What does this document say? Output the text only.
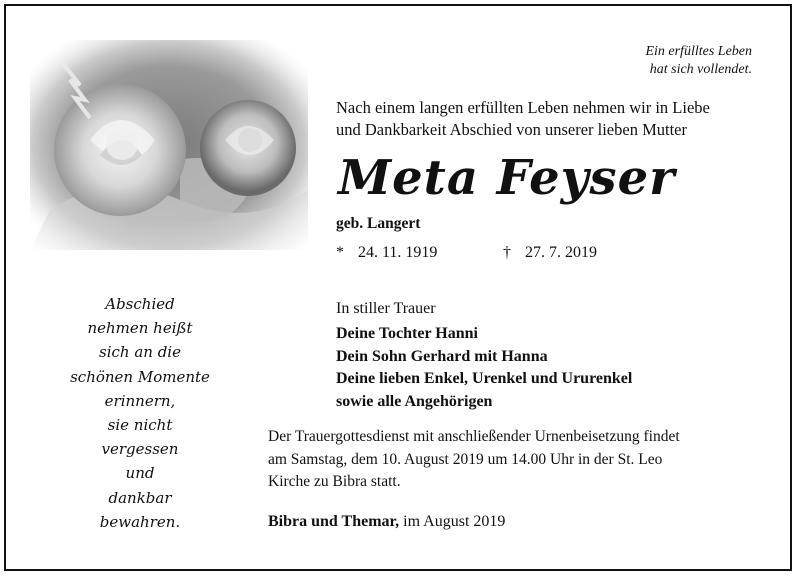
Ein erfülltes Leben
hat sich vollendet.
Nach einem langen erfüllten Leben nehmen wir in Liebe
und Dankbarkeit Abschied von unserer lieben Mutter
Meta Feyser
geb. Langert
* 24. 11. 1919	† 27. 7. 2019
Abschied
nehmen heißt
sich an die
schönen Momente
erinnern,
sie nicht
vergessen
und
dankbar
bewahren.
In stiller Trauer
Deine Tochter Hanni
Dein Sohn Gerhard mit Hanna
Deine lieben Enkel, Urenkel und Ururenkel
sowie alle Angehörigen
Der Trauergottesdienst mit anschließender Urnenbeisetzung findet
am Samstag, dem 10. August 2019 um 14.00 Uhr in der St. Leo
Kirche zu Bibra statt.
Bibra und Themar, im August 2019
